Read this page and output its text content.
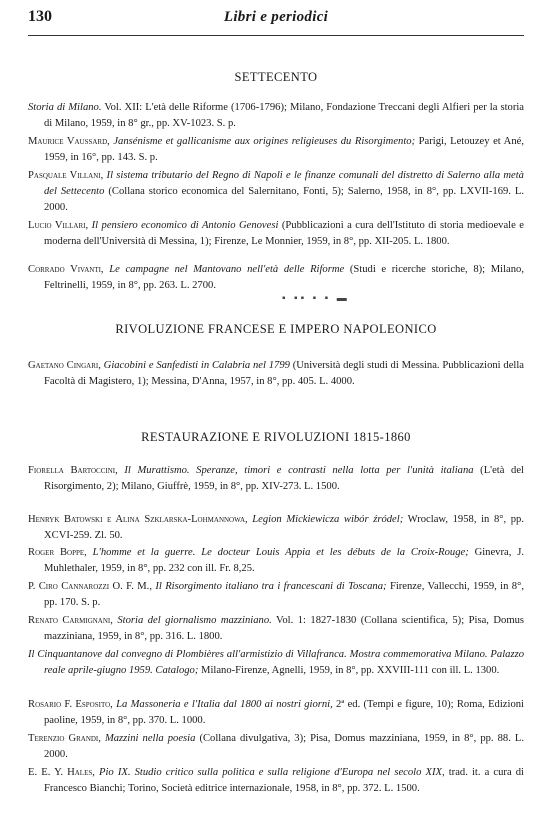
130	Libri e periodici
SETTECENTO
Storia di Milano. Vol. XII: L'età delle Riforme (1706-1796); Milano, Fondazione Treccani degli Alfieri per la storia di Milano, 1959, in 8° gr., pp. XV-1023. S. p.
Maurice Vaussard, Jansénisme et gallicanisme aux origines religieuses du Risorgimento; Parigi, Letouzey et Ané, 1959, in 16°, pp. 143. S. p.
Pasquale Villani, Il sistema tributario del Regno di Napoli e le finanze comunali del distretto di Salerno alla metà del Settecento (Collana storico economica del Salernitano, Fonti, 5); Salerno, 1958, in 8°, pp. LXVII-169. L. 2000.
Lucio Villari, Il pensiero economico di Antonio Genovesi (Pubblicazioni a cura dell'Istituto di storia medioevale e moderna dell'Università di Messina, 1); Firenze, Le Monnier, 1959, in 8°, pp. XII-205. L. 1800.
Corrado Vivanti, Le campagne nel Mantovano nell'età delle Riforme (Studi e ricerche storiche, 8); Milano, Feltrinelli, 1959, in 8°, pp. 263. L. 2700.
▪ ▪▪ ▪ ▪ ▬
RIVOLUZIONE FRANCESE E IMPERO NAPOLEONICO
Gaetano Cingari, Giacobini e Sanfedisti in Calabria nel 1799 (Università degli studi di Messina. Pubblicazioni della Facoltà di Magistero, 1); Messina, D'Anna, 1957, in 8°, pp. 405. L. 4000.
RESTAURAZIONE E RIVOLUZIONI 1815-1860
Fiorella Bartoccini, Il Murattismo. Speranze, timori e contrasti nella lotta per l'unità italiana (L'età del Risorgimento, 2); Milano, Giuffrè, 1959, in 8°, pp. XIV-273. L. 1500.
Henryk Batowski e Alina Szklarska-Lohmannowa, Legion Mickiewicza wibór źródel; Wroclaw, 1958, in 8°, pp. XCVI-259. Zl. 50.
Roger Boppe, L'homme et la guerre. Le docteur Louis Appia et les débuts de la Croix-Rouge; Ginevra, J. Muhlethaler, 1959, in 8°, pp. 232 con ill. Fr. 8,25.
P. Ciro Cannarozzi O. F. M., Il Risorgimento italiano tra i francescani di Toscana; Firenze, Vallecchi, 1959, in 8°, pp. 170. S. p.
Renato Carmignani, Storia del giornalismo mazziniano. Vol. 1: 1827-1830 (Collana scientifica, 5); Pisa, Domus mazziniana, 1959, in 8°, pp. 316. L. 1800.
Il Cinquantanove dal convegno di Plombières all'armistizio di Villafranca. Mostra commemorativa Milano. Palazzo reale aprile-giugno 1959. Catalogo; Milano-Firenze, Agnelli, 1959, in 8°, pp. XXVIII-111 con ill. L. 1300.
Rosario F. Esposito, La Massoneria e l'Italia dal 1800 ai nostri giorni, 2ª ed. (Tempi e figure, 10); Roma, Edizioni paoline, 1959, in 8°, pp. 370. L. 1000.
Terenzio Grandi, Mazzini nella poesia (Collana divulgativa, 3); Pisa, Domus mazziniana, 1959, in 8°, pp. 88. L. 2000.
E. E. Y. Hales, Pio IX. Studio critico sulla politica e sulla religione d'Europa nel secolo XIX, trad. it. a cura di Francesco Bianchi; Torino, Società editrice internazionale, 1958, in 8°, pp. 372. L. 1500.
